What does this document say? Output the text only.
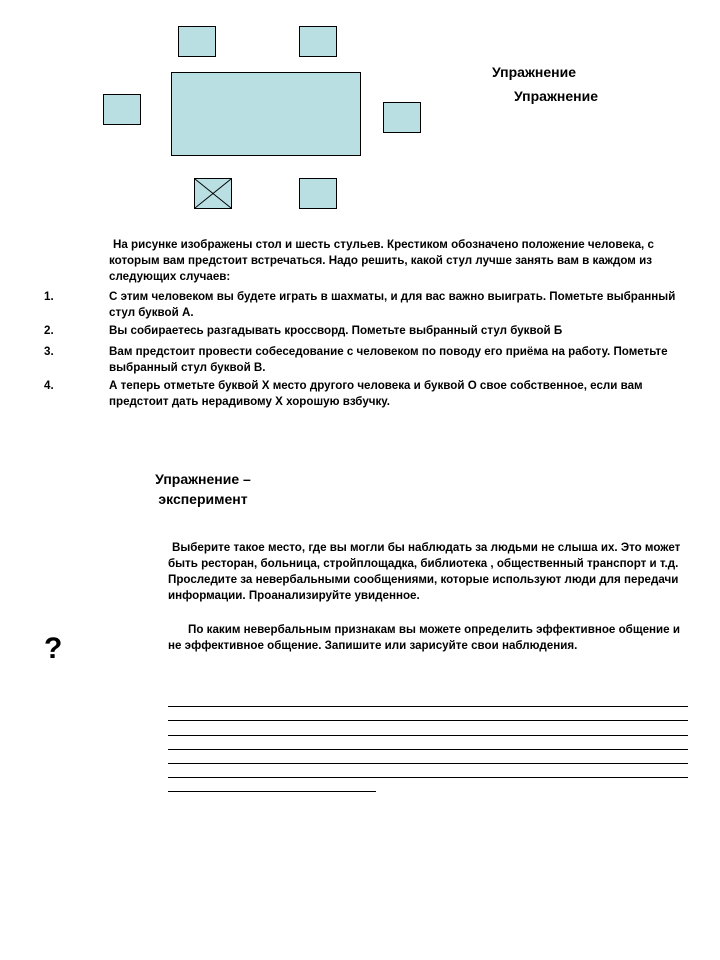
Упражнение
Упражнение
На рисунке изображены стол и шесть стульев. Крестиком обозначено положение человека, с которым вам предстоит встречаться. Надо решить, какой стул лучше занять вам в каждом из следующих случаев:
1.	С этим человеком вы будете играть в шахматы, и для вас важно выиграть. Пометьте выбранный стул буквой А.
2.	Вы собираетесь разгадывать кроссворд. Пометьте выбранный стул буквой Б
3.	Вам предстоит провести собеседование с человеком по поводу его приёма на работу. Пометьте выбранный стул буквой В.
4.	А теперь отметьте буквой Х место другого человека и буквой О свое собственное, если вам предстоит дать нерадивому Х хорошую взбучку.
Упражнение – эксперимент
Выберите такое место, где вы могли бы наблюдать за людьми не слыша их. Это может быть ресторан, больница, стройплощадка, библиотека , общественный транспорт и т.д. Проследите за невербальными сообщениями, которые используют люди для передачи информации. Проанализируйте увиденное.
По каким невербальным признакам вы можете определить эффективное общение и не эффективное общение. Запишите или зарисуйте свои наблюдения.
?
